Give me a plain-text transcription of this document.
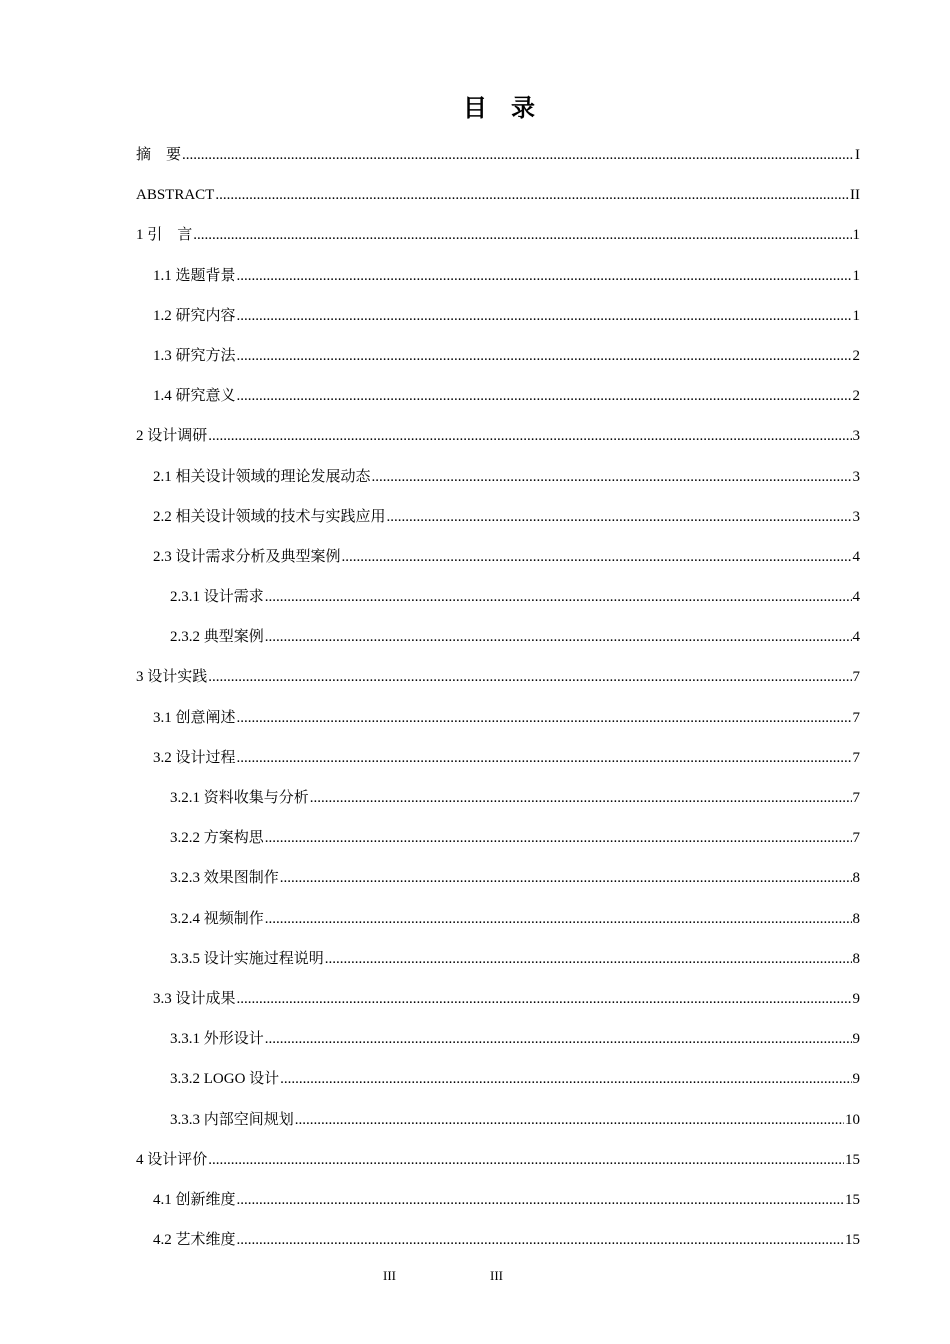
目　录
摘　要 .....	I
ABSTRACT .....	II
1 引　言 .....	1
1.1 选题背景 .....	1
1.2 研究内容 .....	1
1.3 研究方法 .....	2
1.4 研究意义 .....	2
2 设计调研 .....	3
2.1 相关设计领域的理论发展动态 .....	3
2.2 相关设计领域的技术与实践应用 .....	3
2.3 设计需求分析及典型案例 .....	4
2.3.1 设计需求 .....	4
2.3.2 典型案例 .....	4
3 设计实践 .....	7
3.1 创意阐述 .....	7
3.2 设计过程 .....	7
3.2.1 资料收集与分析 .....	7
3.2.2 方案构思 .....	7
3.2.3 效果图制作 .....	8
3.2.4 视频制作 .....	8
3.3.5 设计实施过程说明 .....	8
3.3 设计成果 .....	9
3.3.1 外形设计 .....	9
3.3.2 LOGO 设计 .....	9
3.3.3 内部空间规划 .....	10
4 设计评价 .....	15
4.1 创新维度 .....	15
4.2 艺术维度 .....	15
III	III
